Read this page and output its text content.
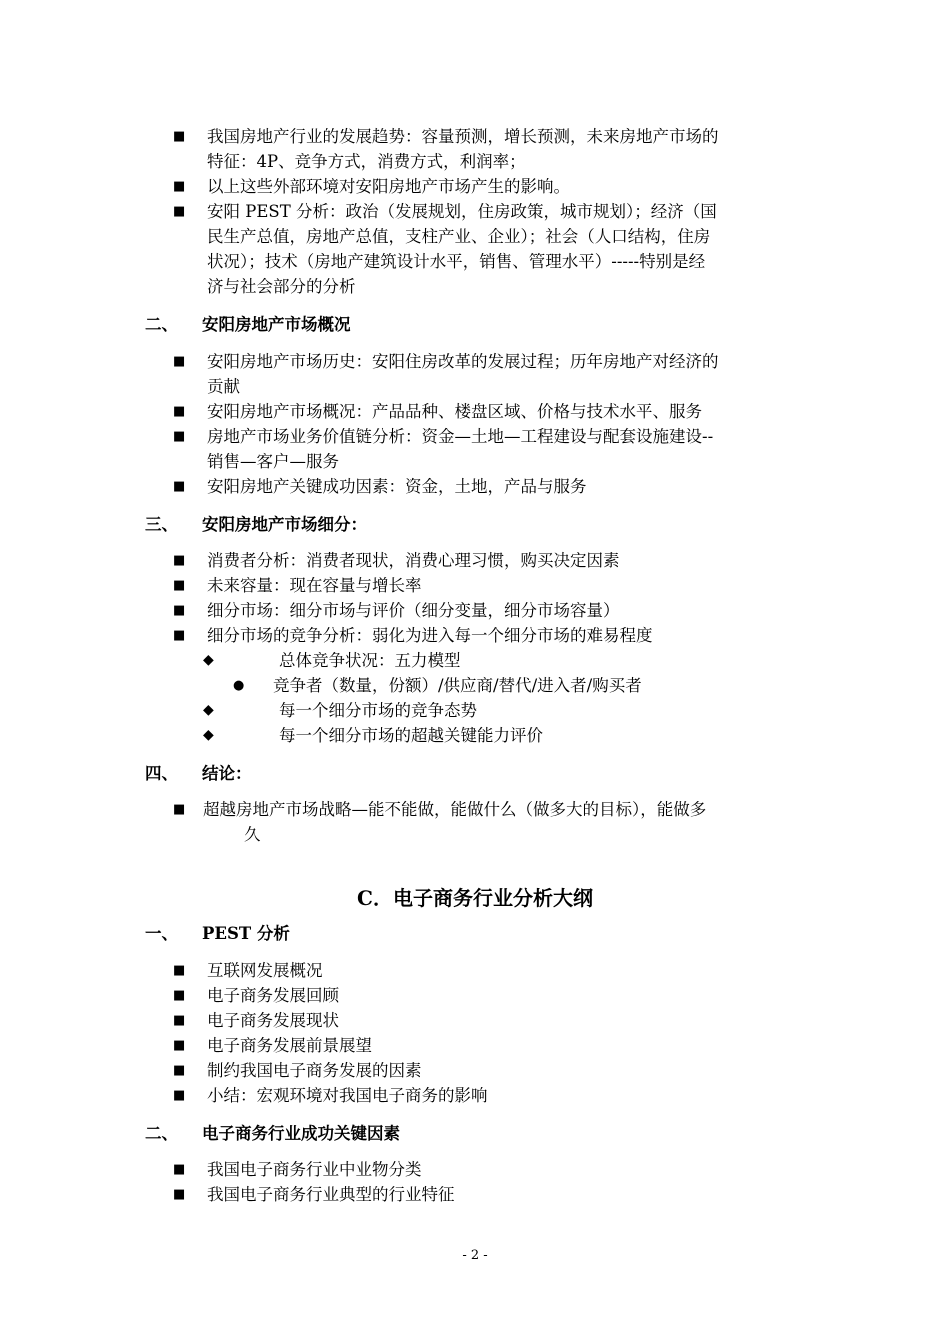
■ 我国房地产行业的发展趋势：容量预测，增长预测，未来房地产市场的
特征：4P、竞争方式，消费方式，利润率；
■ 以上这些外部环境对安阳房地产市场产生的影响。
■ 安阳 PEST 分析：政治（发展规划，住房政策，城市规划）；经济（国
民生产总值，房地产总值，支柱产业、企业）；社会（人口结构，住房
状况）；技术（房地产建筑设计水平，销售、管理水平）-----特别是经
济与社会部分的分析
二、 安阳房地产市场概况
■ 安阳房地产市场历史：安阳住房改革的发展过程；历年房地产对经济的
贡献
■ 安阳房地产市场概况：产品品种、楼盘区域、价格与技术水平、服务
■ 房地产市场业务价值链分析：资金—土地—工程建设与配套设施建设--
销售—客户—服务
■ 安阳房地产关键成功因素：资金，土地，产品与服务
三、 安阳房地产市场细分：
■ 消费者分析：消费者现状，消费心理习惯，购买决定因素
■ 未来容量：现在容量与增长率
■ 细分市场：细分市场与评价（细分变量，细分市场容量）
■ 细分市场的竞争分析：弱化为进入每一个细分市场的难易程度
◆	总体竞争状况：五力模型
● 竞争者（数量，份额）/供应商/替代/进入者/购买者
◆	每一个细分市场的竞争态势
◆	每一个细分市场的超越关键能力评价
四、 结论：
■ 超越房地产市场战略—能不能做，能做什么（做多大的目标），能做多
久
C．电子商务行业分析大纲
一、 PEST 分析
■ 互联网发展概况
■ 电子商务发展回顾
■ 电子商务发展现状
■ 电子商务发展前景展望
■ 制约我国电子商务发展的因素
■ 小结：宏观环境对我国电子商务的影响
二、 电子商务行业成功关键因素
■ 我国电子商务行业中业物分类
■ 我国电子商务行业典型的行业特征
- 2 -
